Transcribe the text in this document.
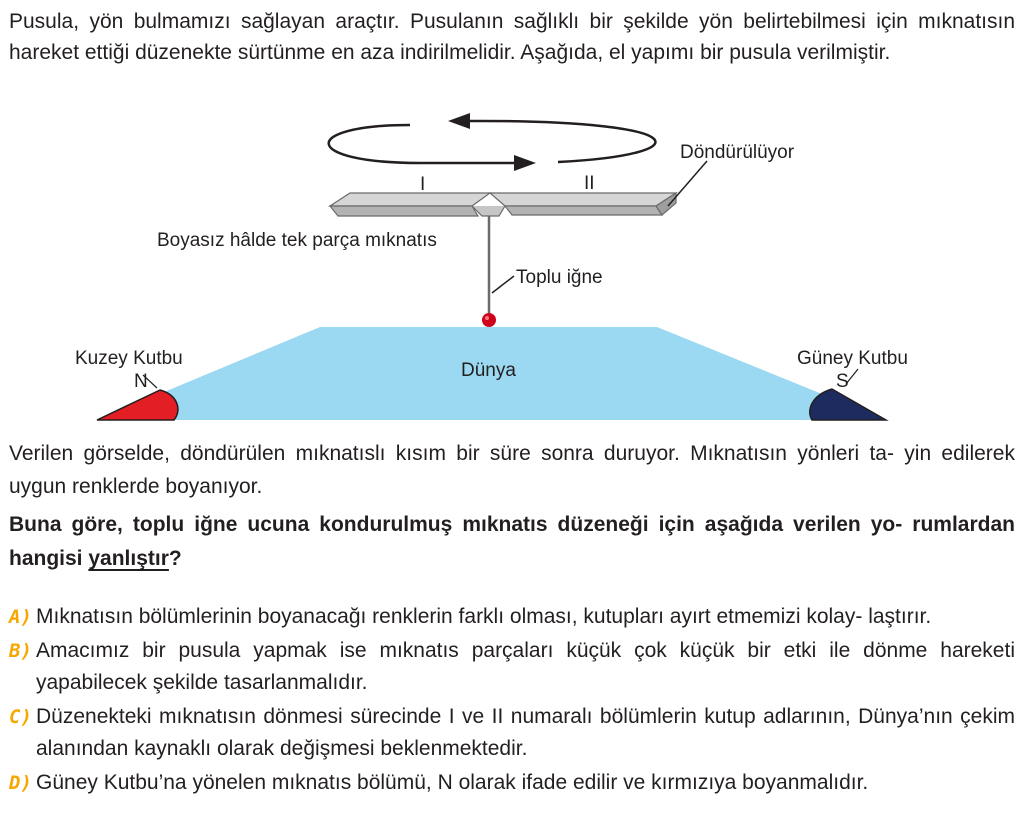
Pusula, yön bulmamızı sağlayan araçtır. Pusulanın sağlıklı bir şekilde yön belirtebilmesi için mıknatısın hareket ettiği düzenekte sürtünme en aza indirilmelidir. Aşağıda, el yapımı bir pusula verilmiştir.

Döndürülüyor
I	II
Boyasız hâlde tek parça mıknatıs
Toplu iğne
Dünya
Kuzey Kutbu
N
Güney Kutbu
S

Verilen görselde, döndürülen mıknatıslı kısım bir süre sonra duruyor. Mıknatısın yönleri ta- yin edilerek uygun renklerde boyanıyor.

Buna göre, toplu iğne ucuna kondurulmuş mıknatıs düzeneği için aşağıda verilen yo- rumlardan hangisi yanlıştır?

A) Mıknatısın bölümlerinin boyanacağı renklerin farklı olması, kutupları ayırt etmemizi kolay- laştırır.
B) Amacımız bir pusula yapmak ise mıknatıs parçaları küçük çok küçük bir etki ile dönme hareketi yapabilecek şekilde tasarlanmalıdır.
C) Düzenekteki mıknatısın dönmesi sürecinde I ve II numaralı bölümlerin kutup adlarının, Dünya’nın çekim alanından kaynaklı olarak değişmesi beklenmektedir.
D) Güney Kutbu’na yönelen mıknatıs bölümü, N olarak ifade edilir ve kırmızıya boyanmalıdır.
